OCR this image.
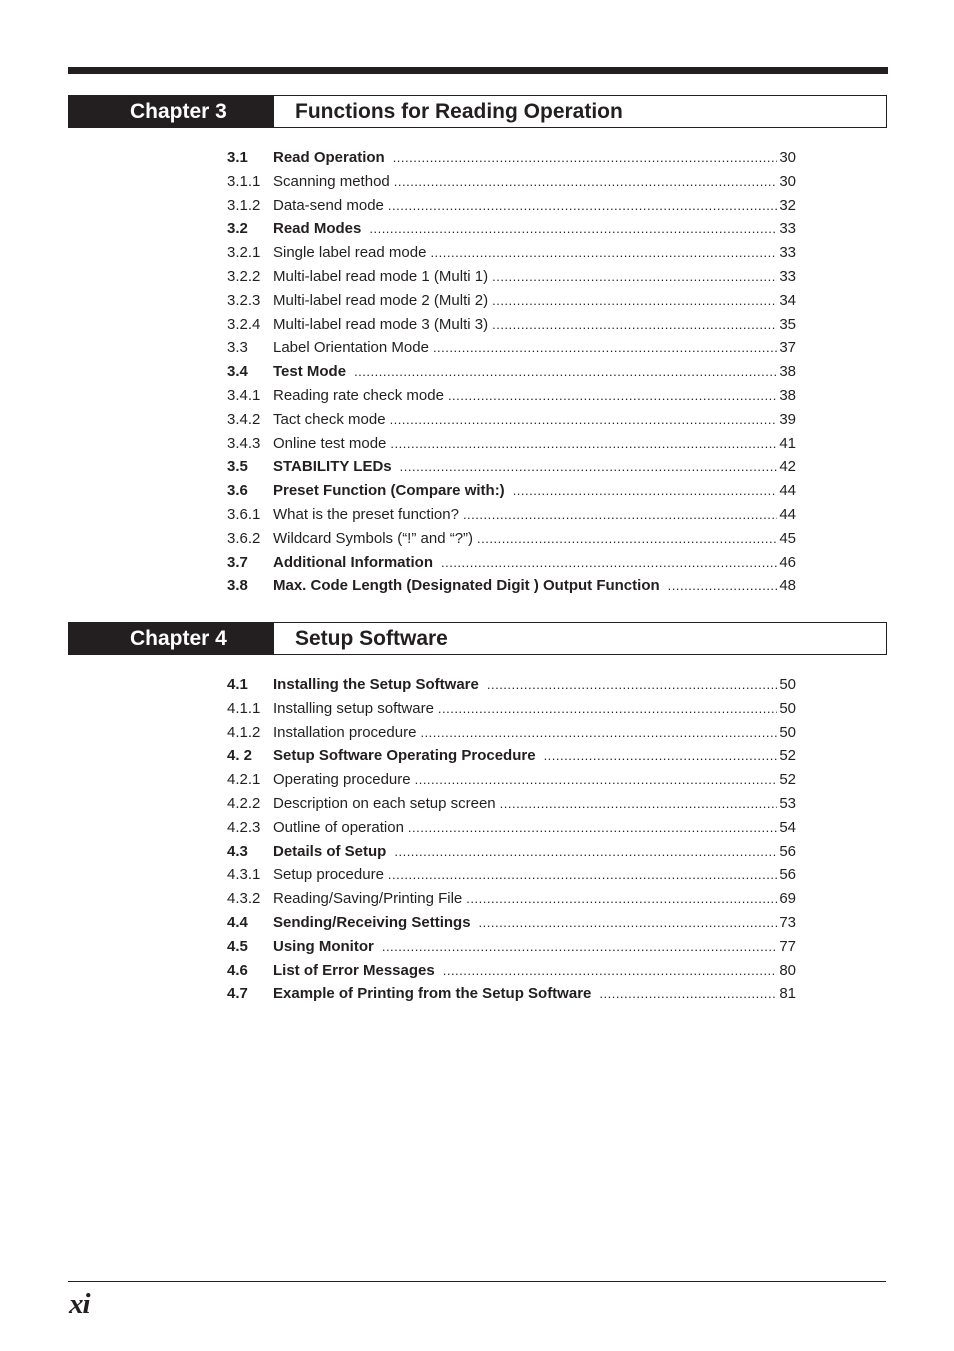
Chapter 3	Functions for Reading Operation
3.1 Read Operation .....	30
3.1.1 Scanning method .....	30
3.1.2 Data-send mode .....	32
3.2 Read Modes .....	33
3.2.1 Single label read mode .....	33
3.2.2 Multi-label read mode 1 (Multi 1) .....	33
3.2.3 Multi-label read mode 2 (Multi 2) .....	34
3.2.4 Multi-label read mode 3 (Multi 3) .....	35
3.3 Label Orientation Mode .....	37
3.4 Test Mode .....	38
3.4.1 Reading rate check mode .....	38
3.4.2 Tact check mode .....	39
3.4.3 Online test mode .....	41
3.5 STABILITY LEDs .....	42
3.6 Preset Function (Compare with:) .....	44
3.6.1 What is the preset function? .....	44
3.6.2 Wildcard Symbols (“!” and “?”) .....	45
3.7 Additional Information .....	46
3.8 Max. Code Length (Designated Digit ) Output Function .....	48
Chapter 4	Setup Software
4.1 Installing the Setup Software .....	50
4.1.1 Installing setup software .....	50
4.1.2 Installation procedure .....	50
4. 2 Setup Software Operating Procedure .....	52
4.2.1 Operating procedure .....	52
4.2.2 Description on each setup screen .....	53
4.2.3 Outline of operation .....	54
4.3 Details of Setup .....	56
4.3.1 Setup procedure .....	56
4.3.2 Reading/Saving/Printing File .....	69
4.4 Sending/Receiving Settings .....	73
4.5 Using Monitor .....	77
4.6 List of Error Messages .....	80
4.7 Example of Printing from the Setup Software .....	81
xi
